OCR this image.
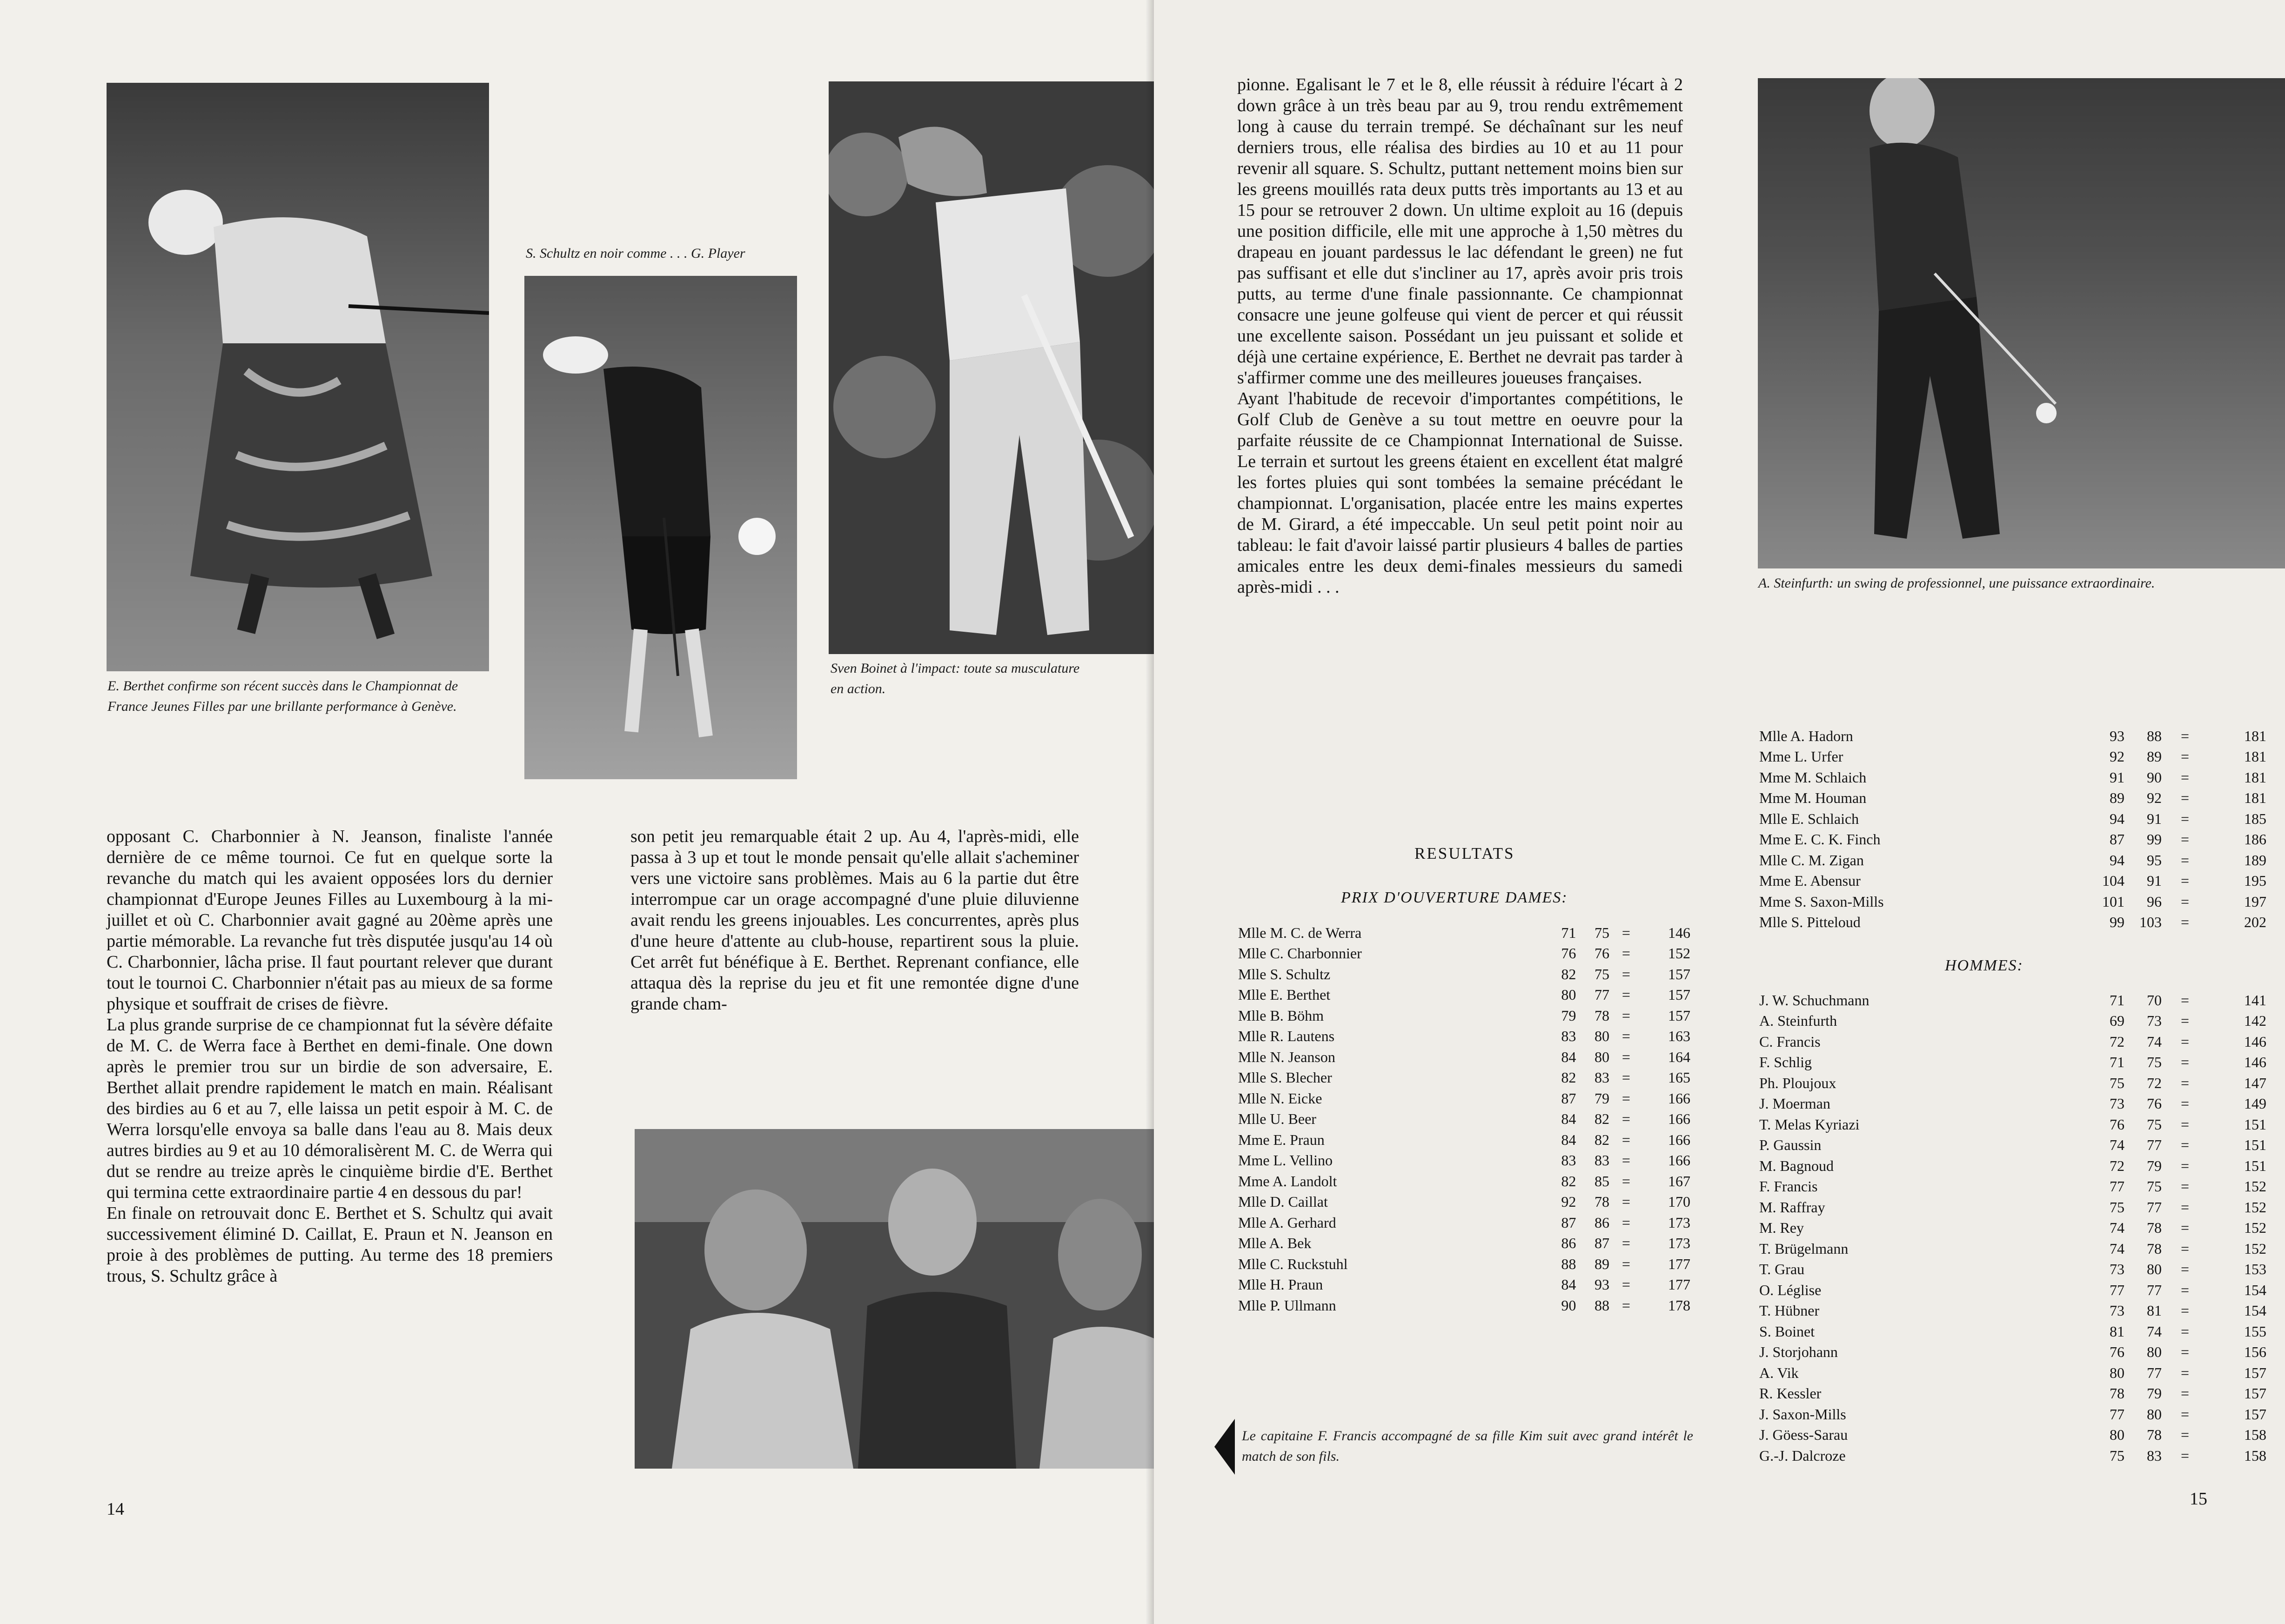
S. Schultz en noir comme . . . G. Player
E. Berthet confirme son récent succès dans le Championnat de France Jeunes Filles par une brillante performance à Genève.
Sven Boinet à l'impact: toute sa musculature en action.

opposant C. Charbonnier à N. Jeanson, finaliste l'année dernière de ce même tournoi. Ce fut en quelque sorte la revanche du match qui les avaient opposées lors du dernier championnat d'Europe Jeunes Filles au Luxembourg à la mi-juillet et où C. Charbonnier avait gagné au 20ème après une partie mémorable. La revanche fut très disputée jusqu'au 14 où C. Charbonnier, lâcha prise. Il faut pourtant relever que durant tout le tournoi C. Charbonnier n'était pas au mieux de sa forme physique et souffrait de crises de fièvre.

La plus grande surprise de ce championnat fut la sévère défaite de M. C. de Werra face à Berthet en demi-finale. One down après le premier trou sur un birdie de son adversaire, E. Berthet allait prendre rapidement le match en main. Réalisant des birdies au 6 et au 7, elle laissa un petit espoir à M. C. de Werra lorsqu'elle envoya sa balle dans l'eau au 8. Mais deux autres birdies au 9 et au 10 démoralisèrent M. C. de Werra qui dut se rendre au treize après le cinquième birdie d'E. Berthet qui termina cette extraordinaire partie 4 en dessous du par!

En finale on retrouvait donc E. Berthet et S. Schultz qui avait successivement éliminé D. Caillat, E. Praun et N. Jeanson en proie à des problèmes de putting. Au terme des 18 premiers trous, S. Schultz grâce à

son petit jeu remarquable était 2 up. Au 4, l'après-midi, elle passa à 3 up et tout le monde pensait qu'elle allait s'acheminer vers une victoire sans problèmes. Mais au 6 la partie dut être interrompue car un orage accompagné d'une pluie diluvienne avait rendu les greens injouables. Les concurrentes, après plus d'une heure d'attente au club-house, repartirent sous la pluie. Cet arrêt fut bénéfique à E. Berthet. Reprenant confiance, elle attaqua dès la reprise du jeu et fit une remontée digne d'une grande cham-

14

pionne. Egalisant le 7 et le 8, elle réussit à réduire l'écart à 2 down grâce à un très beau par au 9, trou rendu extrêmement long à cause du terrain trempé. Se déchaînant sur les neuf derniers trous, elle réalisa des birdies au 10 et au 11 pour revenir all square. S. Schultz, puttant nettement moins bien sur les greens mouillés rata deux putts très importants au 13 et au 15 pour se retrouver 2 down. Un ultime exploit au 16 (depuis une position difficile, elle mit une approche à 1,50 mètres du drapeau en jouant pardessus le lac défendant le green) ne fut pas suffisant et elle dut s'incliner au 17, après avoir pris trois putts, au terme d'une finale passionnante. Ce championnat consacre une jeune golfeuse qui vient de percer et qui réussit une excellente saison. Possédant un jeu puissant et solide et déjà une certaine expérience, E. Berthet ne devrait pas tarder à s'affirmer comme une des meilleures joueuses françaises.

Ayant l'habitude de recevoir d'importantes compétitions, le Golf Club de Genève a su tout mettre en oeuvre pour la parfaite réussite de ce Championnat International de Suisse. Le terrain et surtout les greens étaient en excellent état malgré les fortes pluies qui sont tombées la semaine précédant le championnat. L'organisation, placée entre les mains expertes de M. Girard, a été impeccable. Un seul petit point noir au tableau: le fait d'avoir laissé partir plusieurs 4 balles de parties amicales entre les deux demi-finales messieurs du samedi après-midi . . .	A. Steinfurth: un swing de professionnel, une puissance extraordinaire.
RESULTATS
PRIX D'OUVERTURE DAMES:
Mlle M. C. de Werra	71	75	=	146
Mlle C. Charbonnier	76	76	=	152
Mlle S. Schultz	82	75	=	157
Mlle E. Berthet	80	77	=	157
Mlle B. Böhm	79	78	=	157
Mlle R. Lautens	83	80	=	163
Mlle N. Jeanson	84	80	=	164
Mlle S. Blecher	82	83	=	165
Mlle N. Eicke	87	79	=	166
Mlle U. Beer	84	82	=	166
Mme E. Praun	84	82	=	166
Mme L. Vellino	83	83	=	166
Mme A. Landolt	82	85	=	167
Mlle D. Caillat	92	78	=	170
Mlle A. Gerhard	87	86	=	173
Mlle A. Bek	86	87	=	173
Mlle C. Ruckstuhl	88	89	=	177
Mlle H. Praun	84	93	=	177
Mlle P. Ullmann	90	88	=	178
Mlle A. Hadorn	93	88	=	181
Mme L. Urfer	92	89	=	181
Mme M. Schlaich	91	90	=	181
Mme M. Houman	89	92	=	181
Mlle E. Schlaich	94	91	=	185
Mme E. C. K. Finch	87	99	=	186
Mlle C. M. Zigan	94	95	=	189
Mme E. Abensur	104	91	=	195
Mme S. Saxon-Mills	101	96	=	197
Mlle S. Pitteloud	99	103	=	202
HOMMES:
J. W. Schuchmann	71	70	=	141
A. Steinfurth	69	73	=	142
C. Francis	72	74	=	146
F. Schlig	71	75	=	146
Ph. Ploujoux	75	72	=	147
J. Moerman	73	76	=	149
T. Melas Kyriazi	76	75	=	151
P. Gaussin	74	77	=	151
M. Bagnoud	72	79	=	151
F. Francis	77	75	=	152
M. Raffray	75	77	=	152
M. Rey	74	78	=	152
T. Brügelmann	74	78	=	152
T. Grau	73	80	=	153
O. Léglise	77	77	=	154
T. Hübner	73	81	=	154
S. Boinet	81	74	=	155
J. Storjohann	76	80	=	156
A. Vik	80	77	=	157
R. Kessler	78	79	=	157
J. Saxon-Mills	77	80	=	157
J. Göess-Sarau	80	78	=	158
G.-J. Dalcroze	75	83	=	158
Le capitaine F. Francis accompagné de sa fille Kim suit avec grand intérêt le match de son fils.
15
